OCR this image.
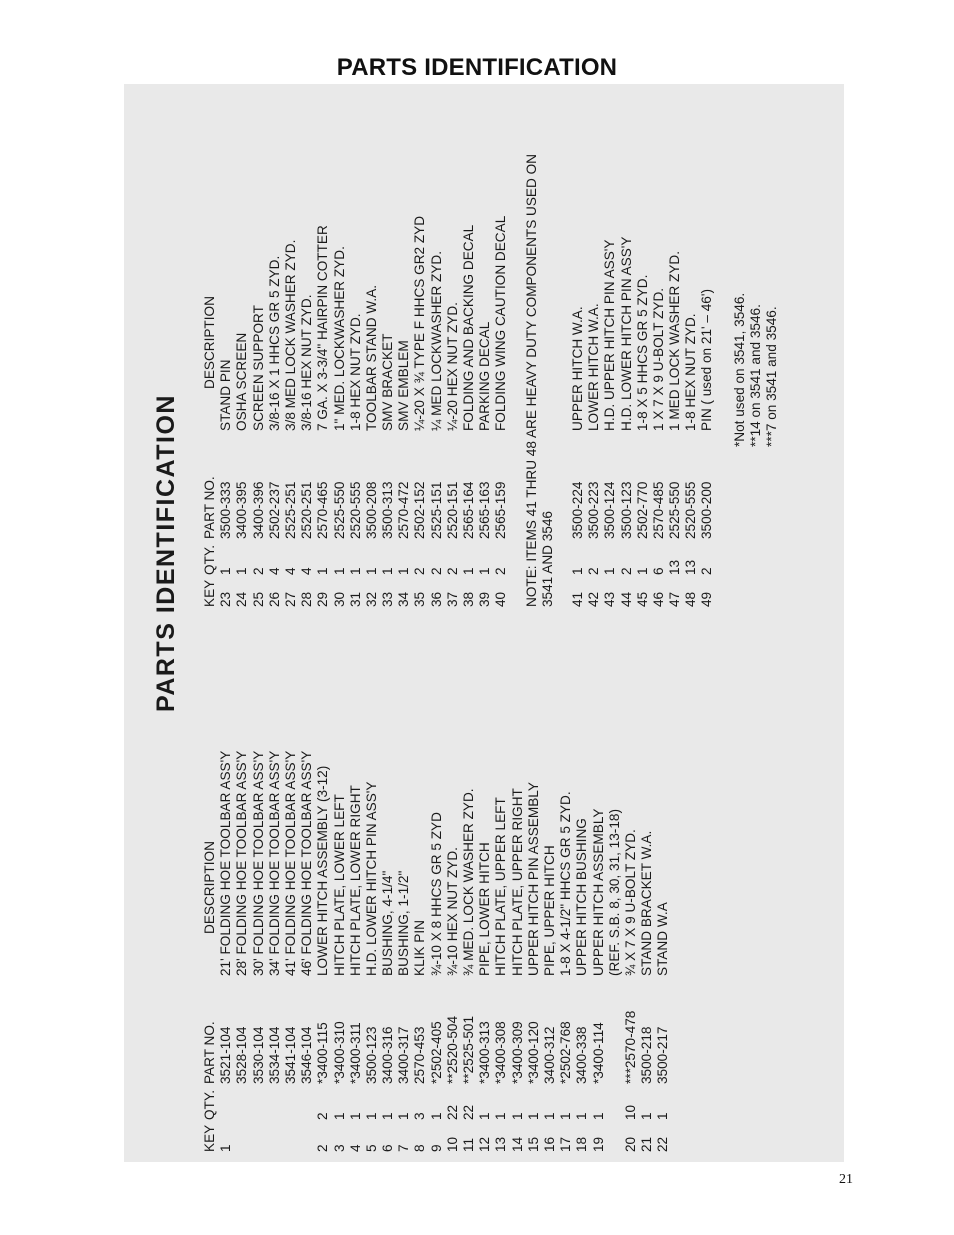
PARTS IDENTIFICATION
PARTS IDENTIFICATION
KEY
QTY.
PART NO.
DESCRIPTION
1
3521-104
21' FOLDING HOE TOOLBAR ASS'Y
3528-104
28' FOLDING HOE TOOLBAR ASS'Y
3530-104
30' FOLDING HOE TOOLBAR ASS'Y
3534-104
34' FOLDING HOE TOOLBAR ASS'Y
3541-104
41' FOLDING HOE TOOLBAR ASS'Y
3546-104
46' FOLDING HOE TOOLBAR ASS'Y
2
2
*3400-115
LOWER HITCH ASSEMBLY (3-12)
3
1
*3400-310
HITCH PLATE, LOWER LEFT
4
1
*3400-311
HITCH PLATE, LOWER RIGHT
5
1
3500-123
H.D. LOWER HITCH PIN ASS'Y
6
1
3400-316
BUSHING, 4-1/4"
7
1
3400-317
BUSHING, 1-1/2"
8
3
2570-453
KLIK PIN
9
1
*2502-405
¾-10 X 8 HHCS GR 5 ZYD
10
22
**2520-504
¾-10 HEX NUT ZYD.
11
22
**2525-501
¾ MED. LOCK WASHER ZYD.
12
1
*3400-313
PIPE, LOWER HITCH
13
1
*3400-308
HITCH PLATE, UPPER LEFT
14
1
*3400-309
HITCH PLATE, UPPER RIGHT
15
1
*3400-120
UPPER HITCH PIN ASSEMBLY
16
1
3400-312
PIPE, UPPER HITCH
17
1
*2502-768
1-8 X 4-1/2" HHCS GR 5 ZYD.
18
1
3400-338
UPPER HITCH BUSHING
19
1
*3400-114
UPPER HITCH ASSEMBLY (REF. S.B. 8, 30, 31, 13-18)
20
10
***2570-478
¾ X 7 X 9 U-BOLT ZYD.
21
1
3500-218
STAND BRACKET W.A.
22
1
3500-217
STAND W.A
KEY
QTY.
PART NO.
DESCRIPTION
23
1
3500-333
STAND PIN
24
1
3400-395
OSHA SCREEN
25
2
3400-396
SCREEN SUPPORT
26
4
2502-237
3/8-16 X 1 HHCS GR 5 ZYD.
27
4
2525-251
3/8 MED LOCK WASHER ZYD.
28
4
2520-251
3/8-16 HEX NUT ZYD.
29
1
2570-465
7 GA. X 3-3/4" HAIRPIN COTTER
30
1
2525-550
1" MED. LOCKWASHER ZYD.
31
1
2520-555
1-8 HEX NUT ZYD.
32
1
3500-208
TOOLBAR STAND W.A.
33
1
3500-313
SMV BRACKET
34
1
2570-472
SMV EMBLEM
35
2
2502-152
¼-20 X ¾ TYPE F HHCS GR2 ZYD
36
2
2525-151
¼ MED LOCKWASHER ZYD.
37
2
2520-151
¼-20 HEX NUT ZYD.
38
1
2565-164
FOLDING AND BACKING DECAL
39
1
2565-163
PARKING DECAL
40
2
2565-159
FOLDING WING CAUTION DECAL NOTE: ITEMS 41 THRU 48 ARE HEAVY DUTY COMPONENTS USED ON 3541 AND 3546 41
1
3500-224
UPPER HITCH W.A.
42
2
3500-223
LOWER HITCH W.A.
43
1
3500-124
H.D. UPPER HITCH PIN ASS'Y
44
2
3500-123
H.D. LOWER HITCH PIN ASS'Y
45
1
2502-770
1-8 X 5 HHCS GR 5 ZYD.
46
6
2570-485
1 X 7 X 9 U-BOLT ZYD.
47
13
2525-550
1 MED LOCK WASHER ZYD.
48
13
2520-555
1-8 HEX NUT ZYD.
49
2
3500-200
PIN ( used on 21' – 46') *Not used on 3541, 3546. **14 on 3541 and 3546. ***7 on 3541 and 3546.
21
